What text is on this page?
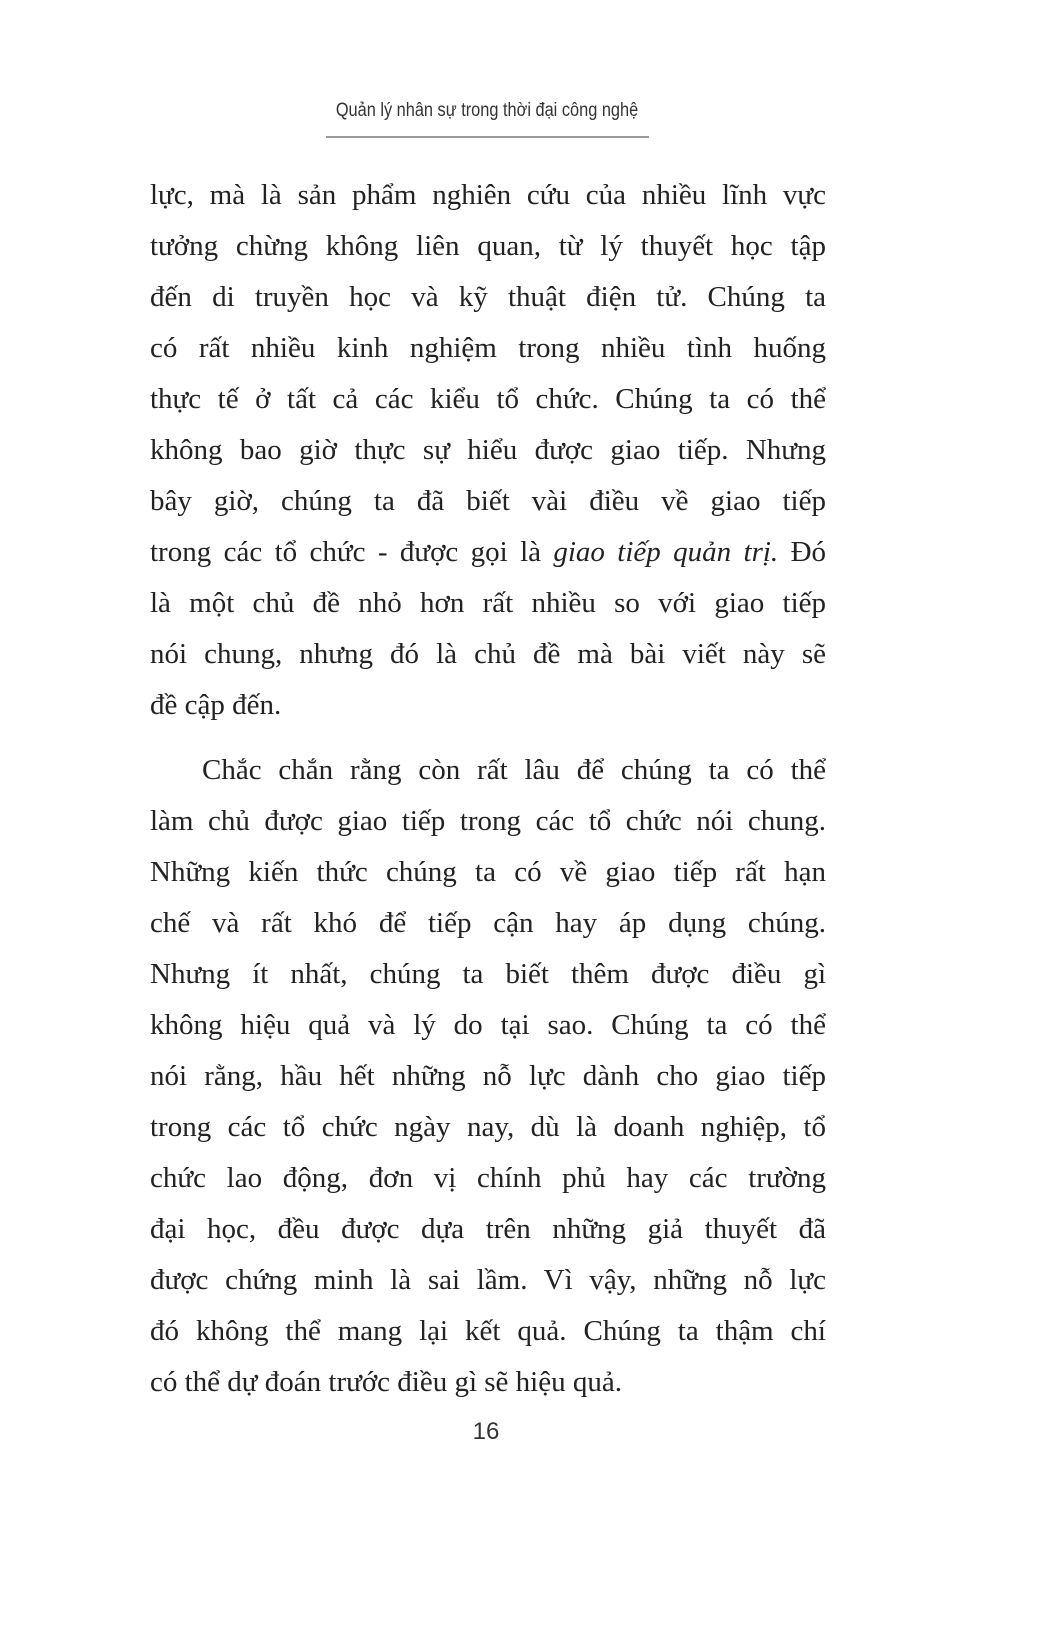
Quản lý nhân sự trong thời đại công nghệ
lực, mà là sản phẩm nghiên cứu của nhiều lĩnh vực
tưởng chừng không liên quan, từ lý thuyết học tập
đến di truyền học và kỹ thuật điện tử. Chúng ta
có rất nhiều kinh nghiệm trong nhiều tình huống
thực tế ở tất cả các kiểu tổ chức. Chúng ta có thể
không bao giờ thực sự hiểu được giao tiếp. Nhưng
bây giờ, chúng ta đã biết vài điều về giao tiếp
trong các tổ chức - được gọi là giao tiếp quản trị. Đó
là một chủ đề nhỏ hơn rất nhiều so với giao tiếp
nói chung, nhưng đó là chủ đề mà bài viết này sẽ
đề cập đến.
Chắc chắn rằng còn rất lâu để chúng ta có thể
làm chủ được giao tiếp trong các tổ chức nói chung.
Những kiến thức chúng ta có về giao tiếp rất hạn
chế và rất khó để tiếp cận hay áp dụng chúng.
Nhưng ít nhất, chúng ta biết thêm được điều gì
không hiệu quả và lý do tại sao. Chúng ta có thể
nói rằng, hầu hết những nỗ lực dành cho giao tiếp
trong các tổ chức ngày nay, dù là doanh nghiệp, tổ
chức lao động, đơn vị chính phủ hay các trường
đại học, đều được dựa trên những giả thuyết đã
được chứng minh là sai lầm. Vì vậy, những nỗ lực
đó không thể mang lại kết quả. Chúng ta thậm chí
có thể dự đoán trước điều gì sẽ hiệu quả.
16
